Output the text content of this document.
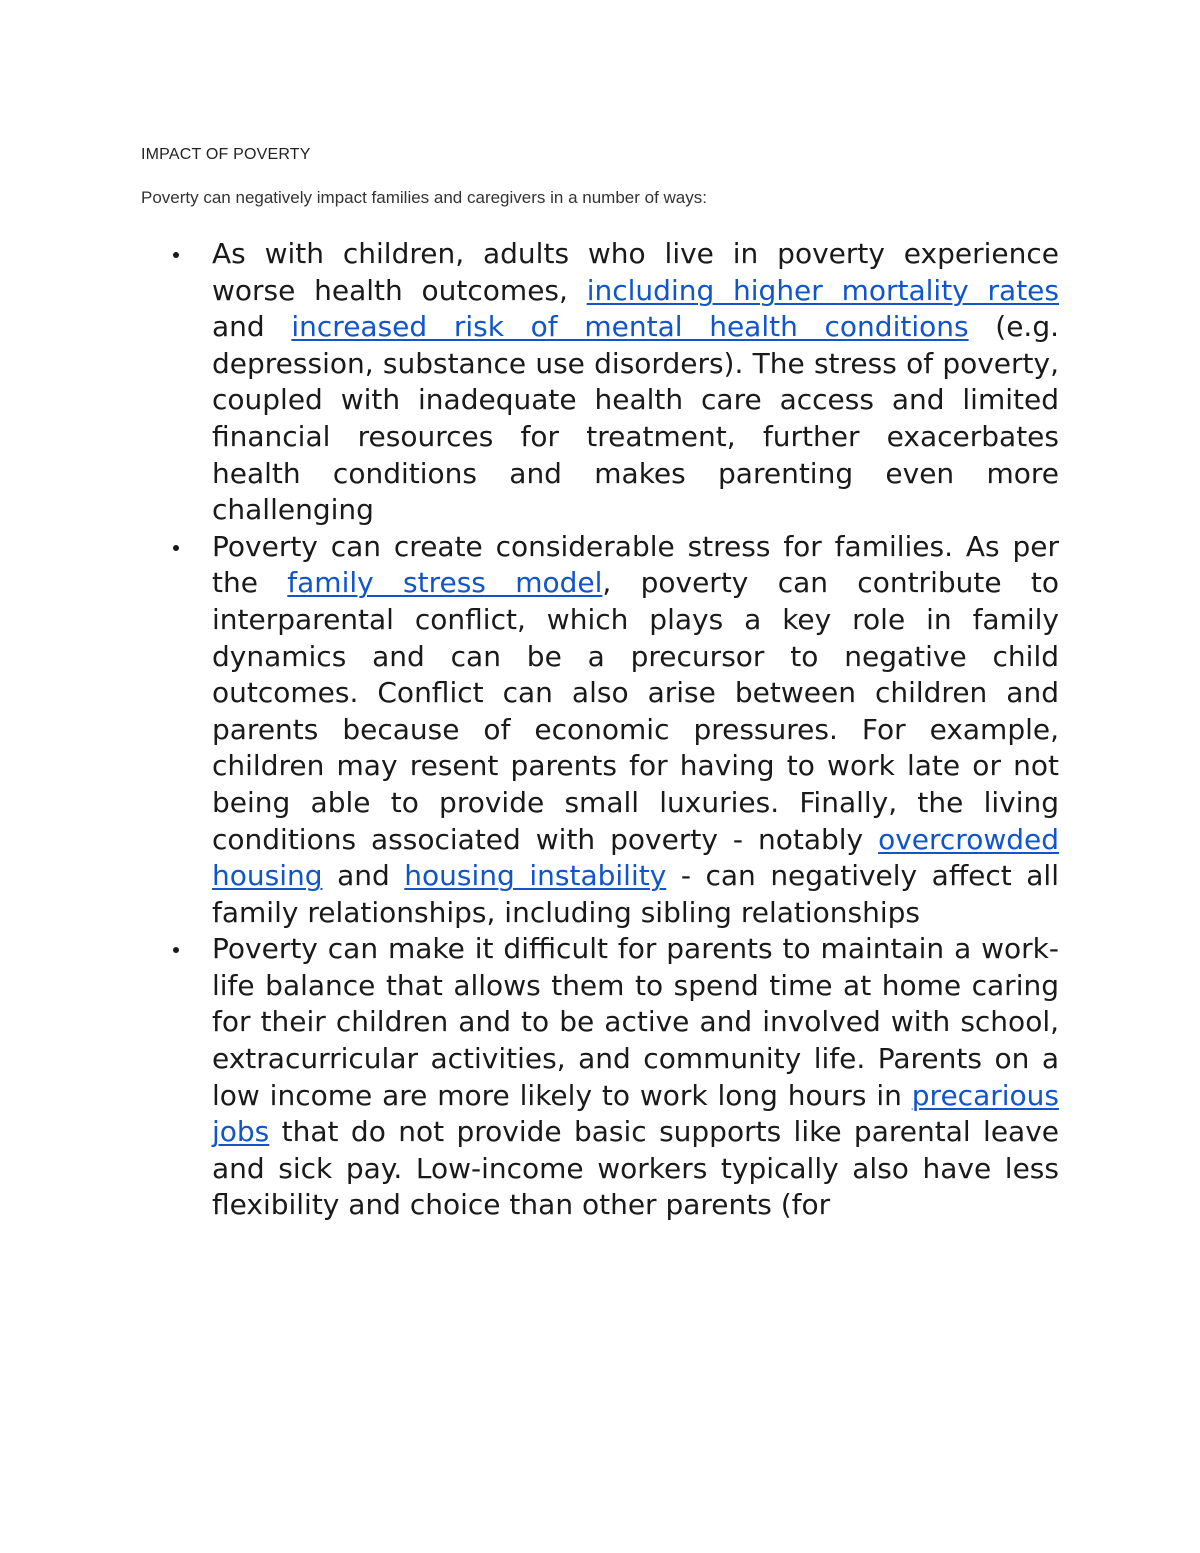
IMPACT OF POVERTY

Poverty can negatively impact families and caregivers in a number of ways:

As with children, adults who live in poverty experience worse health outcomes, including higher mortality rates and increased risk of mental health conditions (e.g. depression, substance use disorders). The stress of poverty, coupled with inadequate health care access and limited financial resources for treatment, further exacerbates health conditions and makes parenting even more challenging
Poverty can create considerable stress for families. As per the family stress model, poverty can contribute to interparental conflict, which plays a key role in family dynamics and can be a precursor to negative child outcomes. Conflict can also arise between children and parents because of economic pressures. For example, children may resent parents for having to work late or not being able to provide small luxuries. Finally, the living conditions associated with poverty - notably overcrowded housing and housing instability - can negatively affect all family relationships, including sibling relationships
Poverty can make it difficult for parents to maintain a work-life balance that allows them to spend time at home caring for their children and to be active and involved with school, extracurricular activities, and community life. Parents on a low income are more likely to work long hours in precarious jobs that do not provide basic supports like parental leave and sick pay. Low-income workers typically also have less flexibility and choice than other parents (for
